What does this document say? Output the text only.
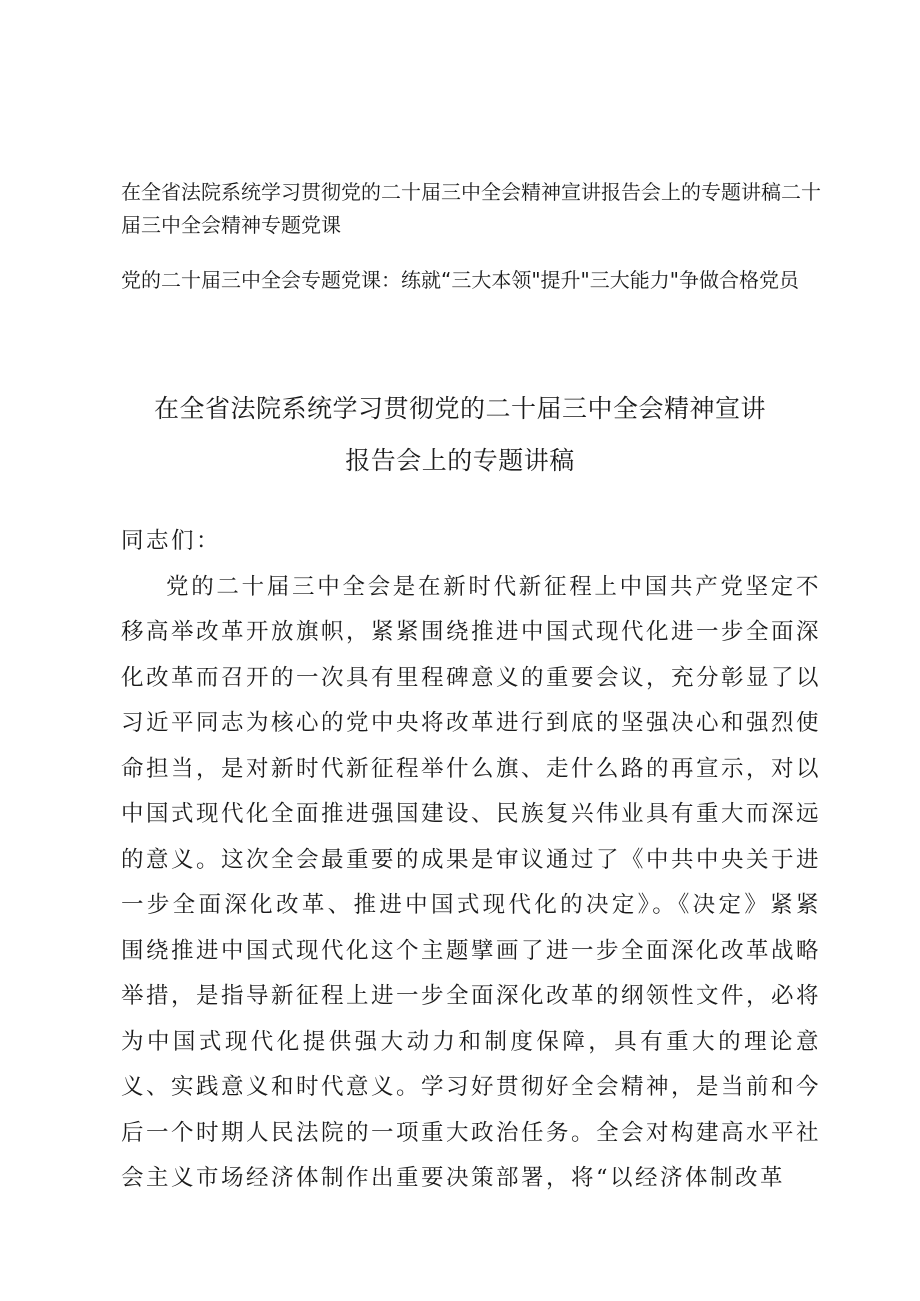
在全省法院系统学习贯彻党的二十届三中全会精神宣讲报告会上的专题讲稿二十届三中全会精神专题党课

党的二十届三中全会专题党课：练就“三大本领"提升"三大能力"争做合格党员

在全省法院系统学习贯彻党的二十届三中全会精神宣讲
报告会上的专题讲稿

同志们：

党的二十届三中全会是在新时代新征程上中国共产党坚定不移高举改革开放旗帜，紧紧围绕推进中国式现代化进一步全面深化改革而召开的一次具有里程碑意义的重要会议，充分彰显了以习近平同志为核心的党中央将改革进行到底的坚强决心和强烈使命担当，是对新时代新征程举什么旗、走什么路的再宣示，对以中国式现代化全面推进强国建设、民族复兴伟业具有重大而深远的意义。这次全会最重要的成果是审议通过了《中共中央关于进一步全面深化改革、推进中国式现代化的决定》。《决定》紧紧围绕推进中国式现代化这个主题擘画了进一步全面深化改革战略举措，是指导新征程上进一步全面深化改革的纲领性文件，必将为中国式现代化提供强大动力和制度保障，具有重大的理论意义、实践意义和时代意义。学习好贯彻好全会精神，是当前和今后一个时期人民法院的一项重大政治任务。全会对构建高水平社会主义市场经济体制作出重要决策部署，将“以经济体制改革
